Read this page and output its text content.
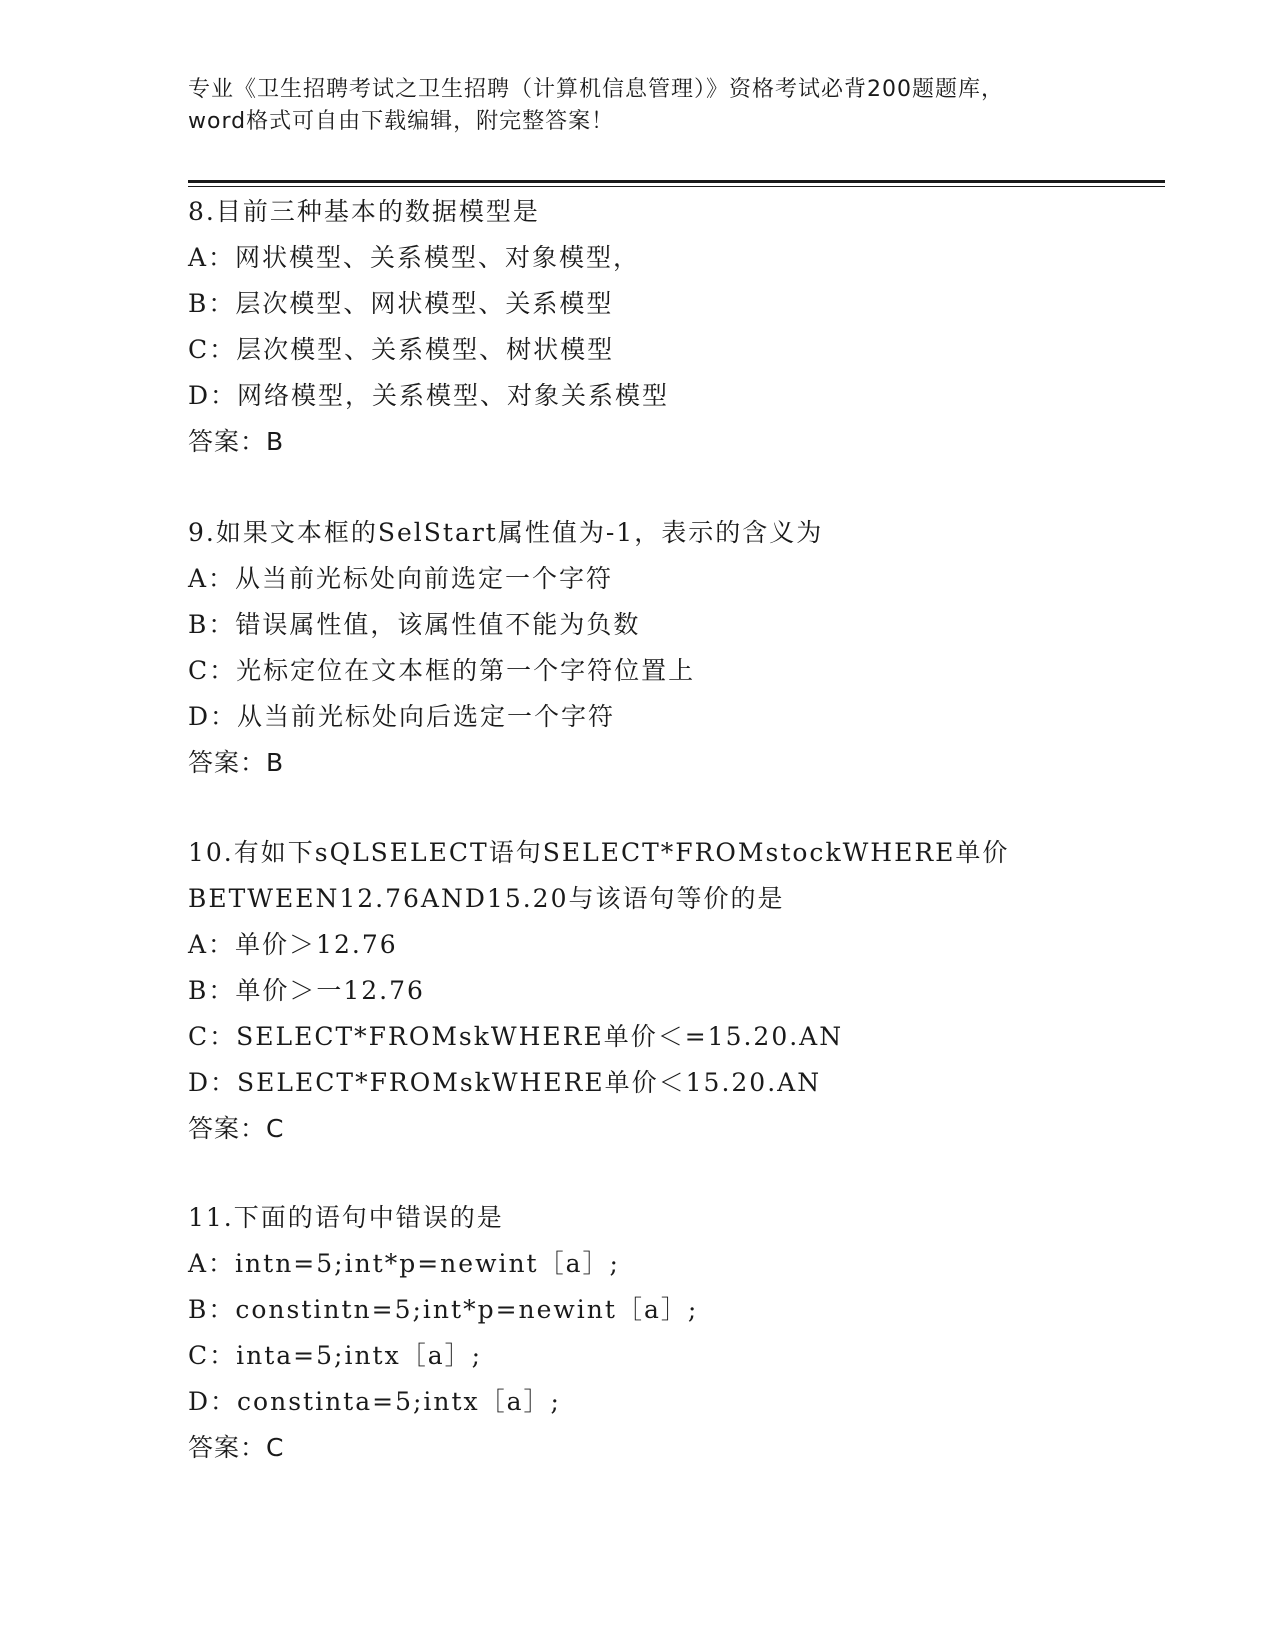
专业《卫生招聘考试之卫生招聘（计算机信息管理）》资格考试必背200题题库，

word格式可自由下载编辑，附完整答案！

8.目前三种基本的数据模型是
A：网状模型、关系模型、对象模型，
B：层次模型、网状模型、关系模型
C：层次模型、关系模型、树状模型
D：网络模型，关系模型、对象关系模型
答案：B
9.如果文本框的SelStart属性值为-1，表示的含义为
A：从当前光标处向前选定一个字符
B：错误属性值，该属性值不能为负数
C：光标定位在文本框的第一个字符位置上
D：从当前光标处向后选定一个字符
答案：B
10.有如下sQLSELECT语句SELECT*FROMstockWHERE单价
BETWEEN12.76AND15.20与该语句等价的是
A：单价＞12.76
B：单价＞一12.76
C：SELECT*FROMskWHERE单价＜=15.20.AN
D：SELECT*FROMskWHERE单价＜15.20.AN
答案：C
11.下面的语句中错误的是
A：intn=5;int*p=newint［a］;
B：constintn=5;int*p=newint［a］;
C：inta=5;intx［a］;
D：constinta=5;intx［a］;
答案：C
